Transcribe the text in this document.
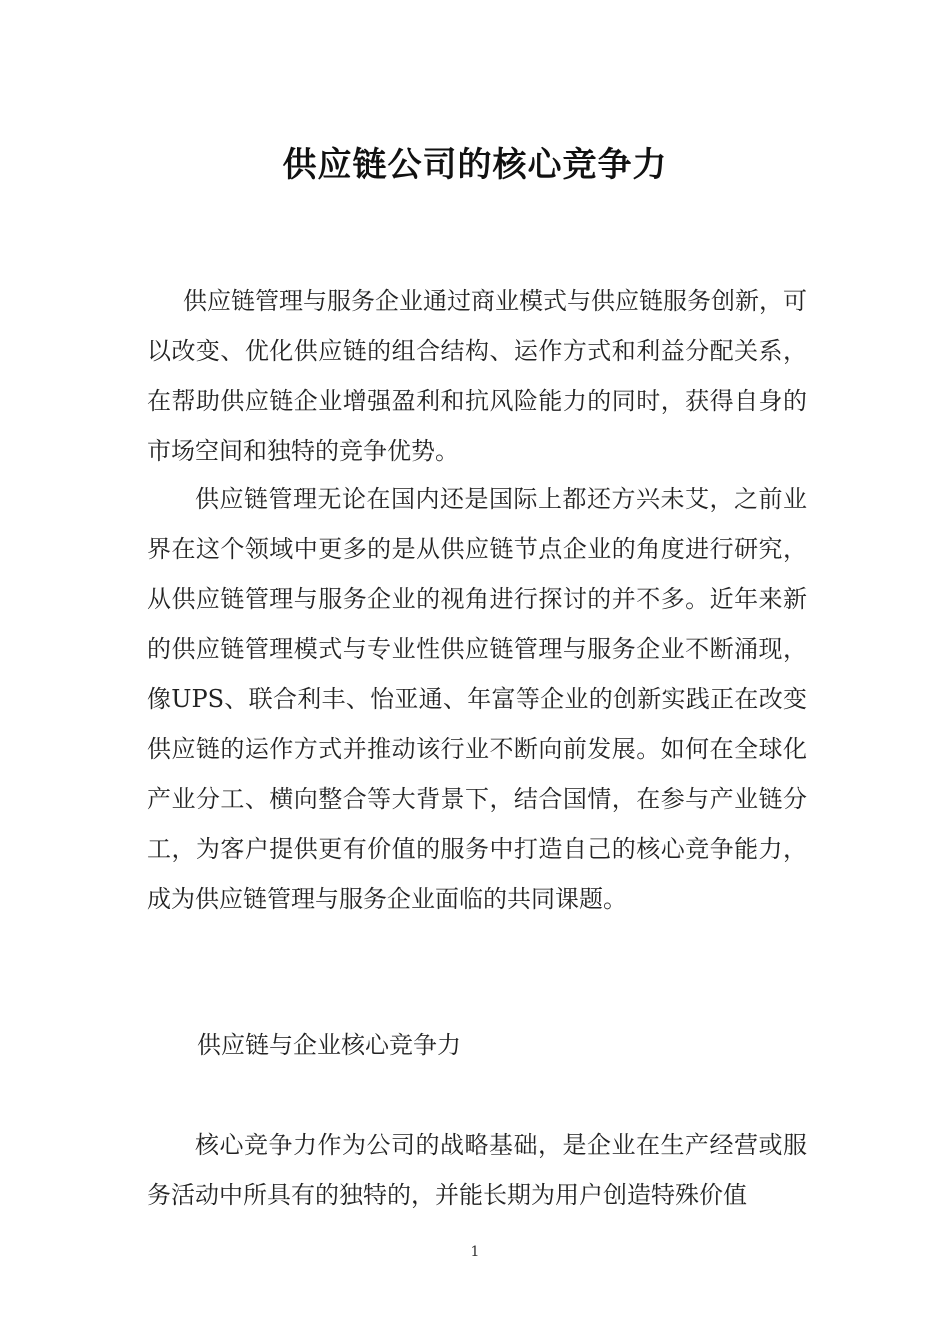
供应链公司的核心竞争力

供应链管理与服务企业通过商业模式与供应链服务创新，可以改变、优化供应链的组合结构、运作方式和利益分配关系，在帮助供应链企业增强盈利和抗风险能力的同时，获得自身的市场空间和独特的竞争优势。

供应链管理无论在国内还是国际上都还方兴未艾，之前业界在这个领域中更多的是从供应链节点企业的角度进行研究，从供应链管理与服务企业的视角进行探讨的并不多。近年来新的供应链管理模式与专业性供应链管理与服务企业不断涌现，像UPS、联合利丰、怡亚通、年富等企业的创新实践正在改变供应链的运作方式并推动该行业不断向前发展。如何在全球化产业分工、横向整合等大背景下，结合国情，在参与产业链分工，为客户提供更有价值的服务中打造自己的核心竞争能力，成为供应链管理与服务企业面临的共同课题。

供应链与企业核心竞争力

核心竞争力作为公司的战略基础，是企业在生产经营或服务活动中所具有的独特的，并能长期为用户创造特殊价值

1
